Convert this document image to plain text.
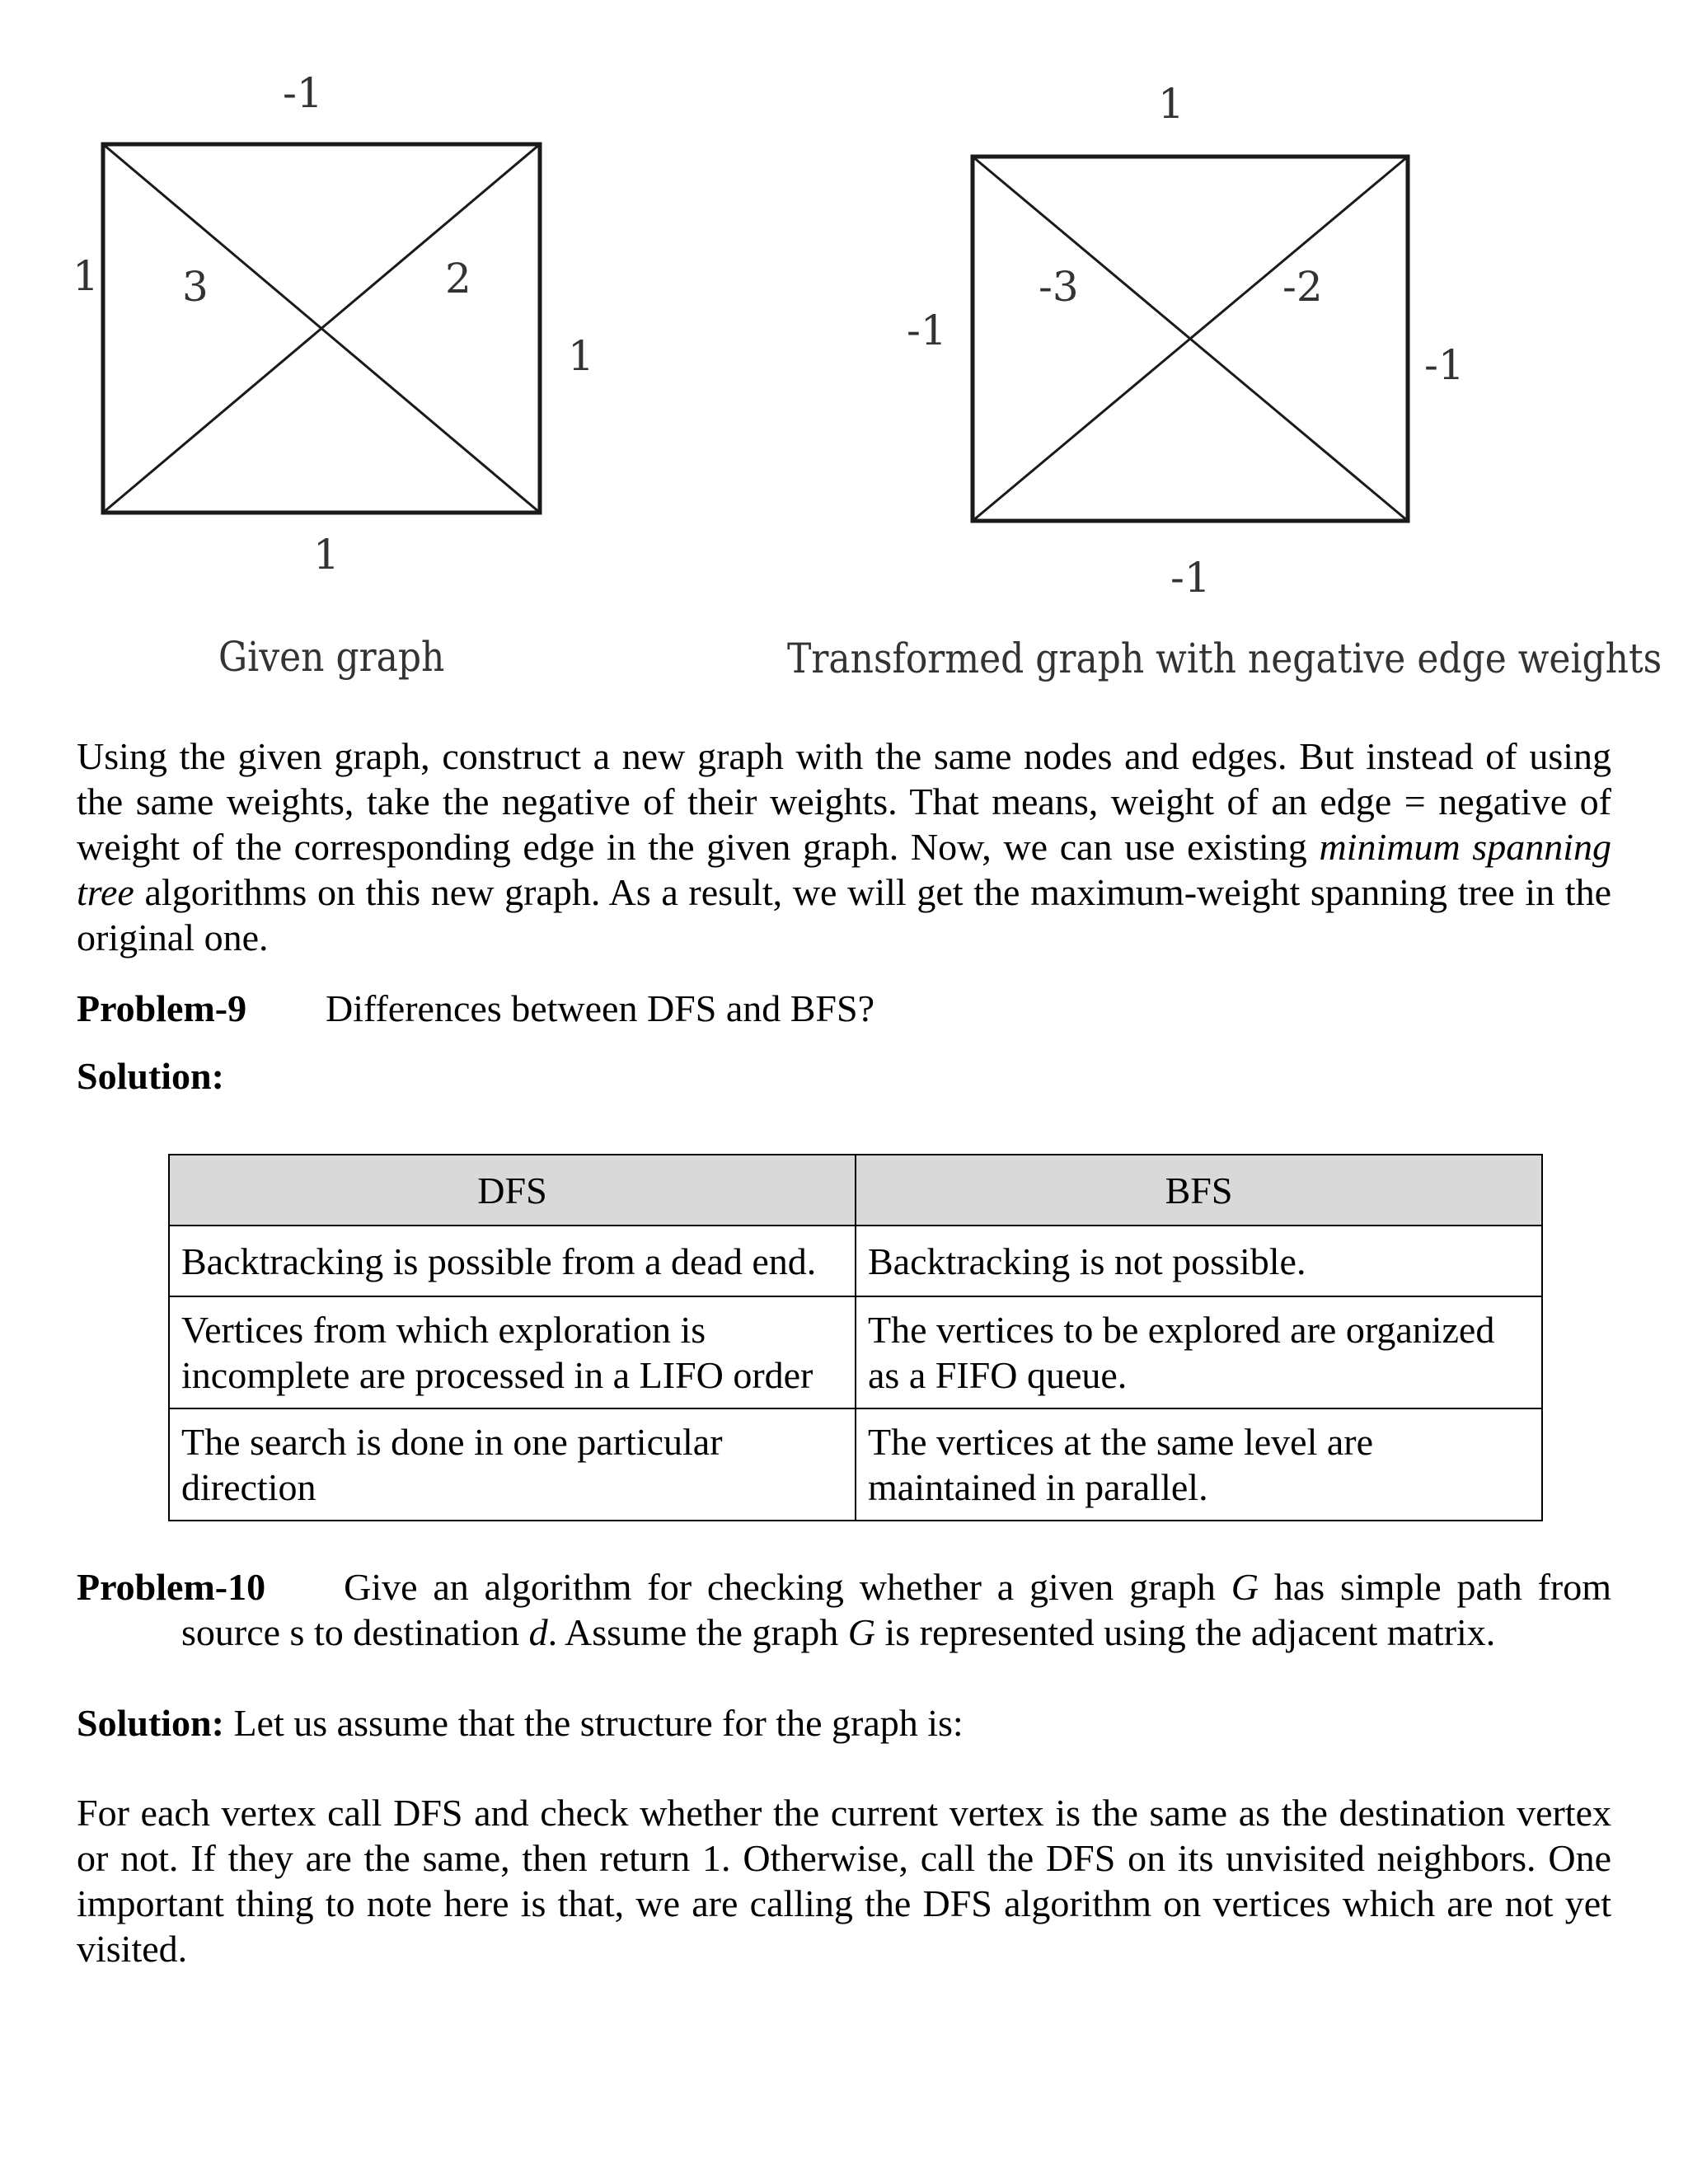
-1
1 3	2
1
1
1
-1
-3	-2
-1
-1
Given graph	Transformed graph with negative edge weights

Using the given graph, construct a new graph with the same nodes and edges. But instead of using the same weights, take the negative of their weights. That means, weight of an edge = negative of weight of the corresponding edge in the given graph. Now, we can use existing minimum spanning tree algorithms on this new graph. As a result, we will get the maximum-weight spanning tree in the original one.

Problem-9 Differences between DFS and BFS?
Solution:
DFS	BFS
Backtracking is possible from a dead end.	Backtracking is not possible.
Vertices from which exploration is incomplete are processed in a LIFO order	The vertices to be explored are organized as a FIFO queue.
The search is done in one particular direction	The vertices at the same level are maintained in parallel.

Problem-10 Give an algorithm for checking whether a given graph G has simple path from source s to destination d. Assume the graph G is represented using the adjacent matrix.

Solution: Let us assume that the structure for the graph is:

For each vertex call DFS and check whether the current vertex is the same as the destination vertex or not. If they are the same, then return 1. Otherwise, call the DFS on its unvisited neighbors. One important thing to note here is that, we are calling the DFS algorithm on vertices which are not yet visited.
